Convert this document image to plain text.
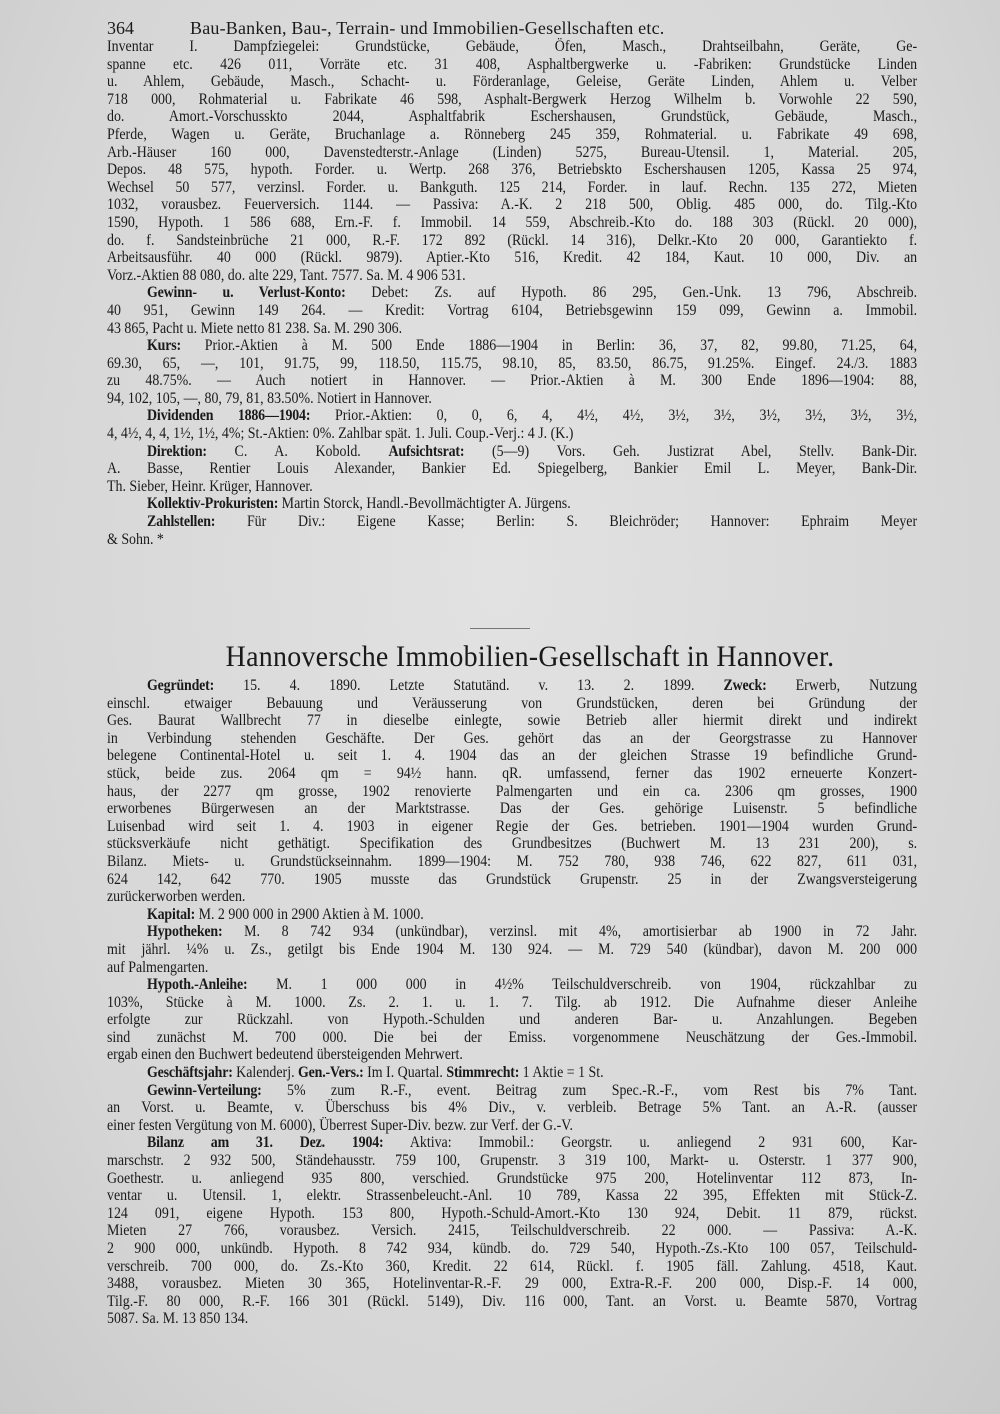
364	Bau-Banken, Bau-, Terrain- und Immobilien-Gesellschaften etc.
Inventar I. Dampfziegelei: Grundstücke, Gebäude, Öfen, Masch., Drahtseilbahn, Geräte, Ge-
spanne etc. 426 011, Vorräte etc. 31 408, Asphaltbergwerke u. -Fabriken: Grundstücke Linden
u. Ahlem, Gebäude, Masch., Schacht- u. Förderanlage, Geleise, Geräte Linden, Ahlem u. Velber
718 000, Rohmaterial u. Fabrikate 46 598, Asphalt-Bergwerk Herzog Wilhelm b. Vorwohle 22 590,
do. Amort.-Vorschusskto 2044, Asphaltfabrik Eschershausen, Grundstück, Gebäude, Masch.,
Pferde, Wagen u. Geräte, Bruchanlage a. Rönneberg 245 359, Rohmaterial. u. Fabrikate 49 698,
Arb.-Häuser 160 000, Davenstedterstr.-Anlage (Linden) 5275, Bureau-Utensil. 1, Material. 205,
Depos. 48 575, hypoth. Forder. u. Wertp. 268 376, Betriebskto Eschershausen 1205, Kassa 25 974,
Wechsel 50 577, verzinsl. Forder. u. Bankguth. 125 214, Forder. in lauf. Rechn. 135 272, Mieten
1032, vorausbez. Feuerversich. 1144. — Passiva: A.-K. 2 218 500, Oblig. 485 000, do. Tilg.-Kto
1590, Hypoth. 1 586 688, Ern.-F. f. Immobil. 14 559, Abschreib.-Kto do. 188 303 (Rückl. 20 000),
do. f. Sandsteinbrüche 21 000, R.-F. 172 892 (Rückl. 14 316), Delkr.-Kto 20 000, Garantiekto f.
Arbeitsausführ. 40 000 (Rückl. 9879). Aptier.-Kto 516, Kredit. 42 184, Kaut. 10 000, Div. an
Vorz.-Aktien 88 080, do. alte 229, Tant. 7577. Sa. M. 4 906 531.
Gewinn- u. Verlust-Konto: Debet: Zs. auf Hypoth. 86 295, Gen.-Unk. 13 796, Abschreib.
40 951, Gewinn 149 264. — Kredit: Vortrag 6104, Betriebsgewinn 159 099, Gewinn a. Immobil.
43 865, Pacht u. Miete netto 81 238. Sa. M. 290 306.
Kurs: Prior.-Aktien à M. 500 Ende 1886—1904 in Berlin: 36, 37, 82, 99.80, 71.25, 64,
69.30, 65, —, 101, 91.75, 99, 118.50, 115.75, 98.10, 85, 83.50, 86.75, 91.25%. Eingef. 24./3. 1883
zu 48.75%. — Auch notiert in Hannover. — Prior.-Aktien à M. 300 Ende 1896—1904: 88,
94, 102, 105, —, 80, 79, 81, 83.50%. Notiert in Hannover.
Dividenden 1886—1904: Prior.-Aktien: 0, 0, 6, 4, 4½, 4½, 3½, 3½, 3½, 3½, 3½, 3½,
4, 4½, 4, 4, 1½, 1½, 4%; St.-Aktien: 0%. Zahlbar spät. 1. Juli. Coup.-Verj.: 4 J. (K.)
Direktion: C. A. Kobold. Aufsichtsrat: (5—9) Vors. Geh. Justizrat Abel, Stellv. Bank-Dir.
A. Basse, Rentier Louis Alexander, Bankier Ed. Spiegelberg, Bankier Emil L. Meyer, Bank-Dir.
Th. Sieber, Heinr. Krüger, Hannover.
Kollektiv-Prokuristen: Martin Storck, Handl.-Bevollmächtigter A. Jürgens.
Zahlstellen: Für Div.: Eigene Kasse; Berlin: S. Bleichröder; Hannover: Ephraim Meyer
& Sohn. *
Hannoversche Immobilien-Gesellschaft in Hannover.
Gegründet: 15. 4. 1890. Letzte Statutänd. v. 13. 2. 1899. Zweck: Erwerb, Nutzung
einschl. etwaiger Bebauung und Veräusserung von Grundstücken, deren bei Gründung der
Ges. Baurat Wallbrecht 77 in dieselbe einlegte, sowie Betrieb aller hiermit direkt und indirekt
in Verbindung stehenden Geschäfte. Der Ges. gehört das an der Georgstrasse zu Hannover
belegene Continental-Hotel u. seit 1. 4. 1904 das an der gleichen Strasse 19 befindliche Grund-
stück, beide zus. 2064 qm = 94½ hann. qR. umfassend, ferner das 1902 erneuerte Konzert-
haus, der 2277 qm grosse, 1902 renovierte Palmengarten und ein ca. 2306 qm grosses, 1900
erworbenes Bürgerwesen an der Marktstrasse. Das der Ges. gehörige Luisenstr. 5 befindliche
Luisenbad wird seit 1. 4. 1903 in eigener Regie der Ges. betrieben. 1901—1904 wurden Grund-
stücksverkäufe nicht gethätigt. Specifikation des Grundbesitzes (Buchwert M. 13 231 200), s.
Bilanz. Miets- u. Grundstückseinnahm. 1899—1904: M. 752 780, 938 746, 622 827, 611 031,
624 142, 642 770. 1905 musste das Grundstück Grupenstr. 25 in der Zwangsversteigerung
zurückerworben werden.
Kapital: M. 2 900 000 in 2900 Aktien à M. 1000.
Hypotheken: M. 8 742 934 (unkündbar), verzinsl. mit 4%, amortisierbar ab 1900 in 72 Jahr.
mit jährl. ¼% u. Zs., getilgt bis Ende 1904 M. 130 924. — M. 729 540 (kündbar), davon M. 200 000
auf Palmengarten.
Hypoth.-Anleihe: M. 1 000 000 in 4½% Teilschuldverschreib. von 1904, rückzahlbar zu
103%, Stücke à M. 1000. Zs. 2. 1. u. 1. 7. Tilg. ab 1912. Die Aufnahme dieser Anleihe
erfolgte zur Rückzahl. von Hypoth.-Schulden und anderen Bar- u. Anzahlungen. Begeben
sind zunächst M. 700 000. Die bei der Emiss. vorgenommene Neuschätzung der Ges.-Immobil.
ergab einen den Buchwert bedeutend übersteigenden Mehrwert.
Geschäftsjahr: Kalenderj. Gen.-Vers.: Im I. Quartal. Stimmrecht: 1 Aktie = 1 St.
Gewinn-Verteilung: 5% zum R.-F., event. Beitrag zum Spec.-R.-F., vom Rest bis 7% Tant.
an Vorst. u. Beamte, v. Überschuss bis 4% Div., v. verbleib. Betrage 5% Tant. an A.-R. (ausser
einer festen Vergütung von M. 6000), Überrest Super-Div. bezw. zur Verf. der G.-V.
Bilanz am 31. Dez. 1904: Aktiva: Immobil.: Georgstr. u. anliegend 2 931 600, Kar-
marschstr. 2 932 500, Ständehausstr. 759 100, Grupenstr. 3 319 100, Markt- u. Osterstr. 1 377 900,
Goethestr. u. anliegend 935 800, verschied. Grundstücke 975 200, Hotelinventar 112 873, In-
ventar u. Utensil. 1, elektr. Strassenbeleucht.-Anl. 10 789, Kassa 22 395, Effekten mit Stück-Z.
124 091, eigene Hypoth. 153 800, Hypoth.-Schuld-Amort.-Kto 130 924, Debit. 11 879, rückst.
Mieten 27 766, vorausbez. Versich. 2415, Teilschuldverschreib. 22 000. — Passiva: A.-K.
2 900 000, unkündb. Hypoth. 8 742 934, kündb. do. 729 540, Hypoth.-Zs.-Kto 100 057, Teilschuld-
verschreib. 700 000, do. Zs.-Kto 360, Kredit. 22 614, Rückl. f. 1905 fäll. Zahlung. 4518, Kaut.
3488, vorausbez. Mieten 30 365, Hotelinventar-R.-F. 29 000, Extra-R.-F. 200 000, Disp.-F. 14 000,
Tilg.-F. 80 000, R.-F. 166 301 (Rückl. 5149), Div. 116 000, Tant. an Vorst. u. Beamte 5870, Vortrag
5087. Sa. M. 13 850 134.
